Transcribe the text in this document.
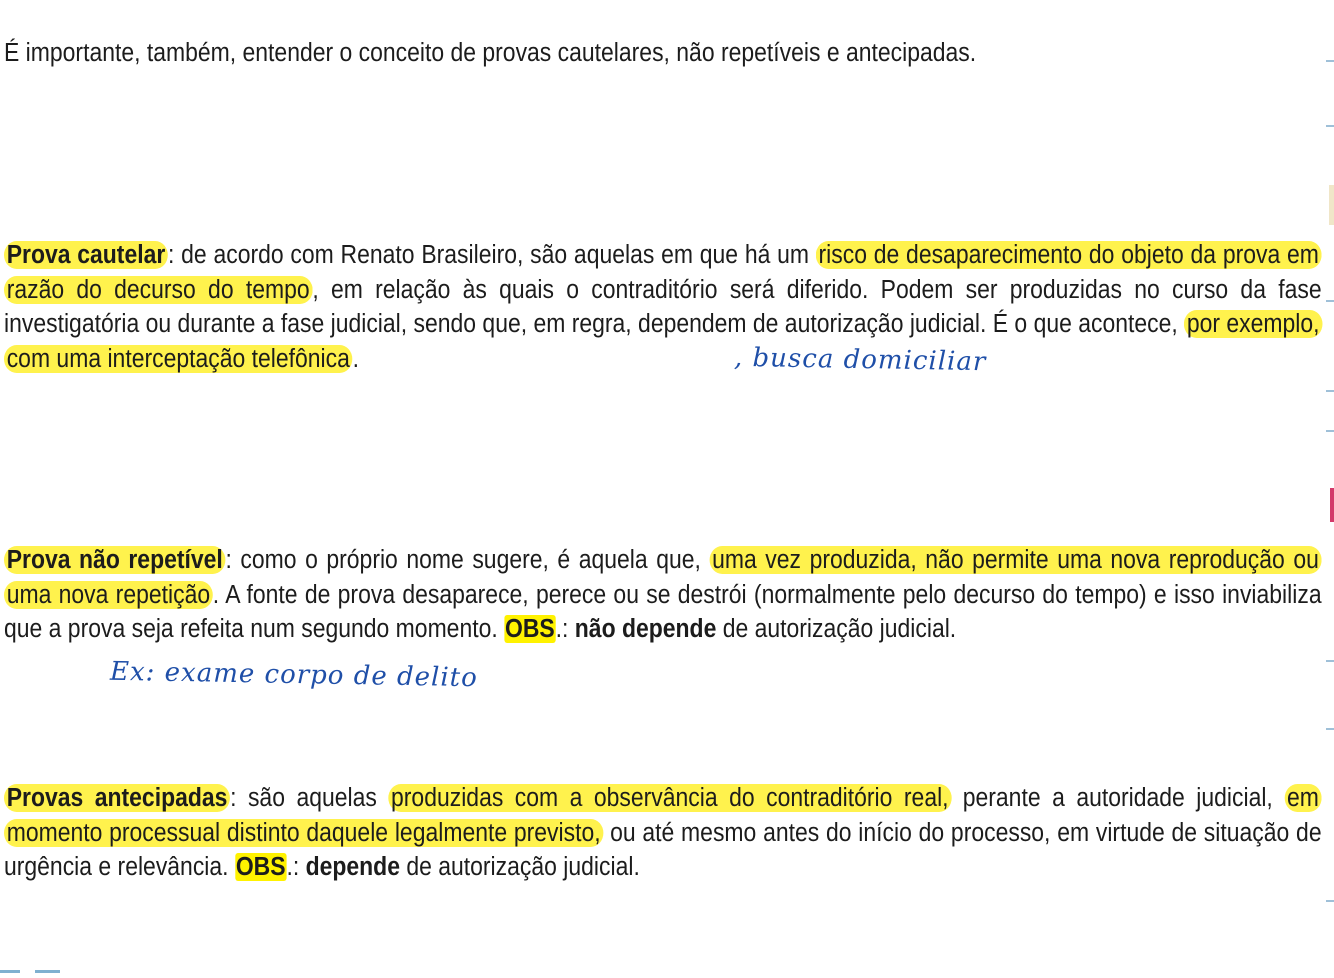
É importante, também, entender o conceito de provas cautelares, não repetíveis e antecipadas.
Prova cautelar : de acordo com Renato Brasileiro, são aquelas em que há um risco de desaparecimento do objeto da prova em razão do decurso do tempo , em relação às quais o contraditório será diferido. Podem ser produzidas no curso da fase investigatória ou durante a fase judicial, sendo que, em regra, dependem de autorização judicial. É o que acontece, por exemplo, com uma interceptação telefônica .	, busca domiciliar
Prova não repetível : como o próprio nome sugere, é aquela que, uma vez produzida, não permite uma nova reprodução ou uma nova repetição . A fonte de prova desaparece, perece ou se destrói (normalmente pelo decurso do tempo) e isso inviabiliza que a prova seja refeita num segundo momento. OBS.: não depende de autorização judicial.
Ex: exame corpo de delito
Provas antecipadas : são aquelas produzidas com a observância do contraditório real, perante a autoridade judicial, em momento processual distinto daquele legalmente previsto, ou até mesmo antes do início do processo, em virtude de situação de urgência e relevância. OBS.: depende de autorização judicial.
